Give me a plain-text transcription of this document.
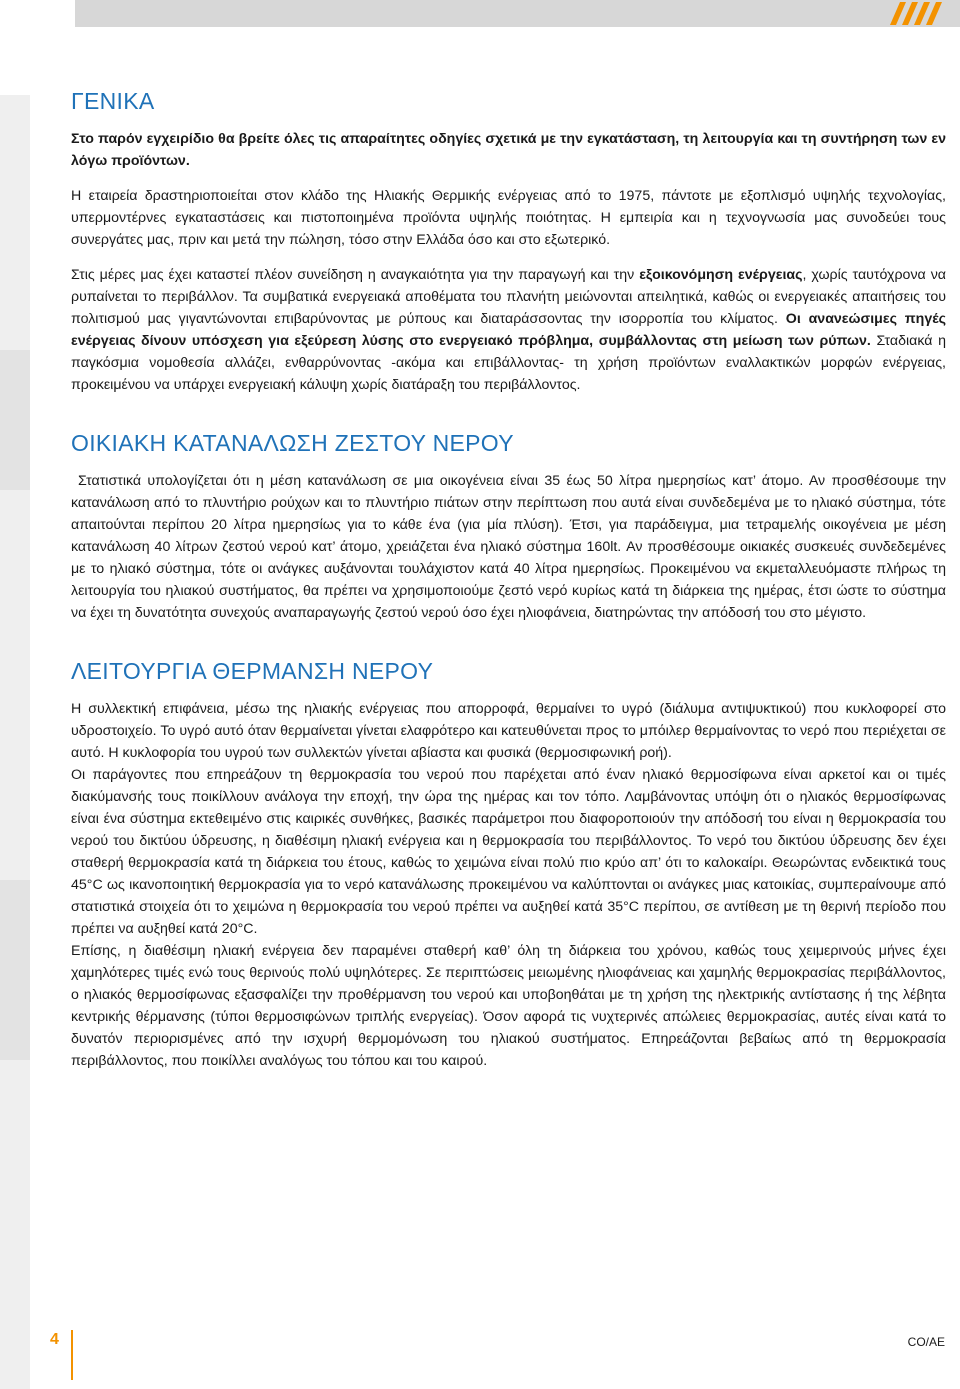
ΓΕΝΙΚΑ

Στο παρόν εγχειρίδιο θα βρείτε όλες τις απαραίτητες οδηγίες σχετικά με την εγκατάσταση, τη λειτουργία και τη συντήρηση των εν λόγω προϊόντων.

Η εταιρεία δραστηριοποιείται στον κλάδο της Ηλιακής Θερμικής ενέργειας από το 1975, πάντοτε με εξοπλισμό υψηλής τεχνολογίας, υπερμοντέρνες εγκαταστάσεις και πιστοποιημένα προϊόντα υψηλής ποιότητας. Η εμπειρία και η τεχνογνωσία μας συνοδεύει τους συνεργάτες μας, πριν και μετά την πώληση, τόσο στην Ελλάδα όσο και στο εξωτερικό.

Στις μέρες μας έχει καταστεί πλέον συνείδηση η αναγκαιότητα για την παραγωγή και την εξοικονόμηση ενέργειας, χωρίς ταυτόχρονα να ρυπαίνεται το περιβάλλον. Τα συμβατικά ενεργειακά αποθέματα του πλανήτη μειώνονται απειλητικά, καθώς οι ενεργειακές απαιτήσεις του πολιτισμού μας γιγαντώνονται επιβαρύνοντας με ρύπους και διαταράσσοντας την ισορροπία του κλίματος. Οι ανανεώσιμες πηγές ενέργειας δίνουν υπόσχεση για εξεύρεση λύσης στο ενεργειακό πρόβλημα, συμβάλλοντας στη μείωση των ρύπων. Σταδιακά η παγκόσμια νομοθεσία αλλάζει, ενθαρρύνοντας -ακόμα και επιβάλλοντας- τη χρήση προϊόντων εναλλακτικών μορφών ενέργειας, προκειμένου να υπάρχει ενεργειακή κάλυψη χωρίς διατάραξη του περιβάλλοντος.

ΟΙΚΙΑΚΗ ΚΑΤΑΝΑΛΩΣΗ ΖΕΣΤΟΥ ΝΕΡΟΥ

Στατιστικά υπολογίζεται ότι η μέση κατανάλωση σε μια οικογένεια είναι 35 έως 50 λίτρα ημερησίως κατ’ άτομο. Αν προσθέσουμε την κατανάλωση από το πλυντήριο ρούχων και το πλυντήριο πιάτων στην περίπτωση που αυτά είναι συνδεδεμένα με το ηλιακό σύστημα, τότε απαιτούνται περίπου 20 λίτρα ημερησίως για το κάθε ένα (για μία πλύση). Έτσι, για παράδειγμα, μια τετραμελής οικογένεια με μέση κατανάλωση 40 λίτρων ζεστού νερού κατ’ άτομο, χρειάζεται ένα ηλιακό σύστημα 160lt. Αν προσθέσουμε οικιακές συσκευές συνδεδεμένες με το ηλιακό σύστημα, τότε οι ανάγκες αυξάνονται τουλάχιστον κατά 40 λίτρα ημερησίως. Προκειμένου να εκμεταλλευόμαστε πλήρως τη λειτουργία του ηλιακού συστήματος, θα πρέπει να χρησιμοποιούμε ζεστό νερό κυρίως κατά τη διάρκεια της ημέρας, έτσι ώστε το σύστημα να έχει τη δυνατότητα συνεχούς αναπαραγωγής ζεστού νερού όσο έχει ηλιοφάνεια, διατηρώντας την απόδοσή του στο μέγιστο.

ΛΕΙΤΟΥΡΓΙΑ ΘΕΡΜΑΝΣΗ ΝΕΡΟΥ

Η συλλεκτική επιφάνεια, μέσω της ηλιακής ενέργειας που απορροφά, θερμαίνει το υγρό (διάλυμα αντιψυκτικού) που κυκλοφορεί στο υδροστοιχείο. Το υγρό αυτό όταν θερμαίνεται γίνεται ελαφρότερο και κατευθύνεται προς το μπόιλερ θερμαίνοντας το νερό που περιέχεται σε αυτό. Η κυκλοφορία του υγρού των συλλεκτών γίνεται αβίαστα και φυσικά (θερμοσιφωνική ροή).

Οι παράγοντες που επηρεάζουν τη θερμοκρασία του νερού που παρέχεται από έναν ηλιακό θερμοσίφωνα είναι αρκετοί και οι τιμές διακύμανσής τους ποικίλλουν ανάλογα την εποχή, την ώρα της ημέρας και τον τόπο. Λαμβάνοντας υπόψη ότι ο ηλιακός θερμοσίφωνας είναι ένα σύστημα εκτεθειμένο στις καιρικές συνθήκες, βασικές παράμετροι που διαφοροποιούν την απόδοσή του είναι η θερμοκρασία του νερού του δικτύου ύδρευσης, η διαθέσιμη ηλιακή ενέργεια και η θερμοκρασία του περιβάλλοντος. Το νερό του δικτύου ύδρευσης δεν έχει σταθερή θερμοκρασία κατά τη διάρκεια του έτους, καθώς το χειμώνα είναι πολύ πιο κρύο απ’ ότι το καλοκαίρι. Θεωρώντας ενδεικτικά τους 45°C ως ικανοποιητική θερμοκρασία για το νερό κατανάλωσης προκειμένου να καλύπτονται οι ανάγκες μιας κατοικίας, συμπεραίνουμε από στατιστικά στοιχεία ότι το χειμώνα η θερμοκρασία του νερού πρέπει να αυξηθεί κατά 35°C περίπου, σε αντίθεση με τη θερινή περίοδο που πρέπει να αυξηθεί κατά 20°C.

Επίσης, η διαθέσιμη ηλιακή ενέργεια δεν παραμένει σταθερή καθ’ όλη τη διάρκεια του χρόνου, καθώς τους χειμερινούς μήνες έχει χαμηλότερες τιμές ενώ τους θερινούς πολύ υψηλότερες. Σε περιπτώσεις μειωμένης ηλιοφάνειας και χαμηλής θερμοκρασίας περιβάλλοντος, ο ηλιακός θερμοσίφωνας εξασφαλίζει την προθέρμανση του νερού και υποβοηθάται με τη χρήση της ηλεκτρικής αντίστασης ή της λέβητα κεντρικής θέρμανσης (τύποι θερμοσιφώνων τριπλής ενεργείας). Όσον αφορά τις νυχτερινές απώλειες θερμοκρασίας, αυτές είναι κατά το δυνατόν περιορισμένες από την ισχυρή θερμομόνωση του ηλιακού συστήματος. Επηρεάζονται βεβαίως από τη θερμοκρασία περιβάλλοντος, που ποικίλλει αναλόγως του τόπου και του καιρού.

4	CO/AE
